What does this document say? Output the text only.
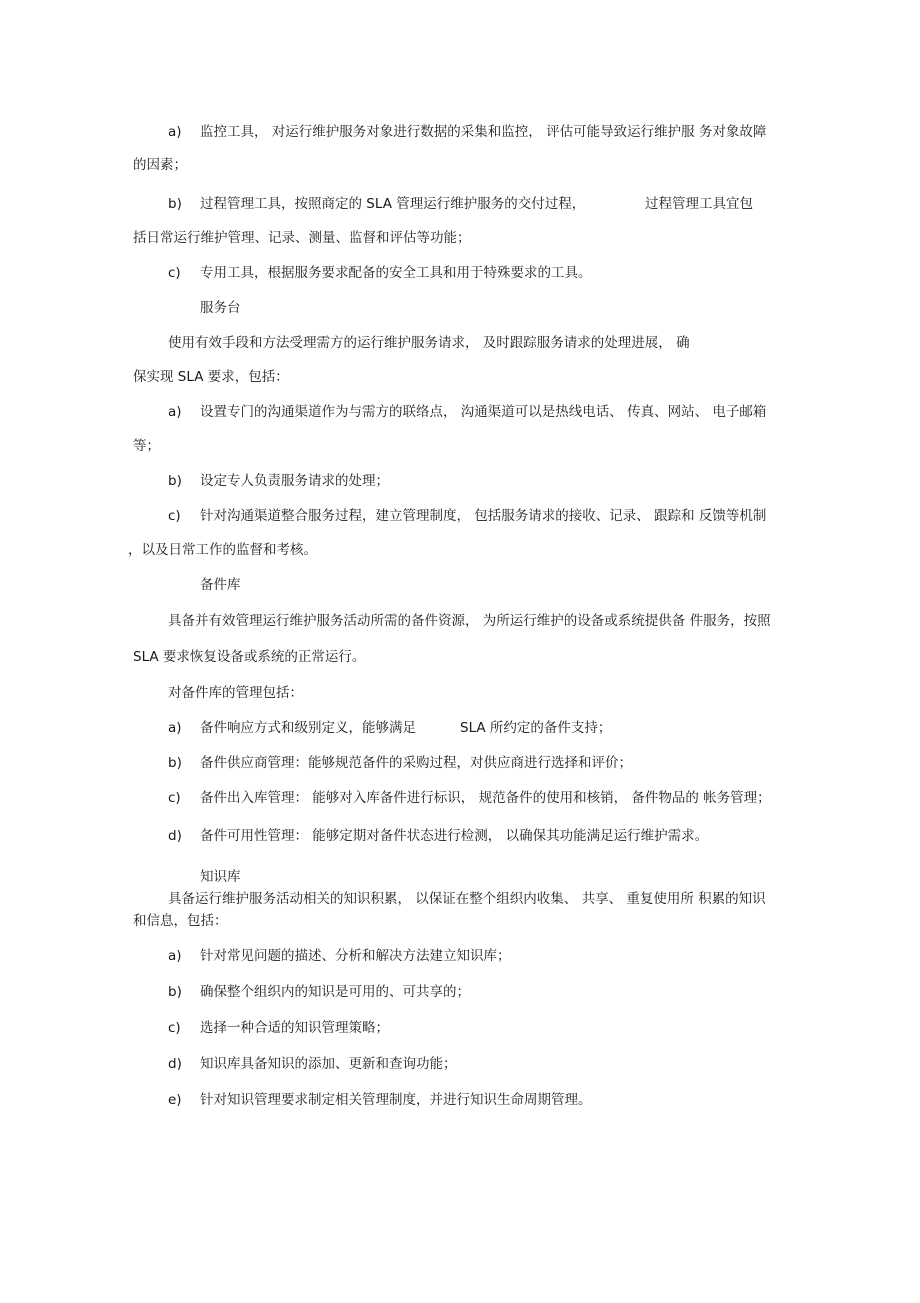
a) 监控工具， 对运行维护服务对象进行数据的采集和监控， 评估可能导致运行维护服 务对象故障
的因素；
b) 过程管理工具，按照商定的 SLA 管理运行维护服务的交付过程，	过程管理工具宜包
括日常运行维护管理、记录、测量、监督和评估等功能；
c) 专用工具，根据服务要求配备的安全工具和用于特殊要求的工具。
服务台
使用有效手段和方法受理需方的运行维护服务请求， 及时跟踪服务请求的处理进展， 确
保实现 SLA 要求，包括：
a) 设置专门的沟通渠道作为与需方的联络点， 沟通渠道可以是热线电话、 传真、网站、 电子邮箱
等；
b) 设定专人负责服务请求的处理；
c) 针对沟通渠道整合服务过程，建立管理制度， 包括服务请求的接收、记录、 跟踪和 反馈等机制
，以及日常工作的监督和考核。
备件库
具备并有效管理运行维护服务活动所需的备件资源， 为所运行维护的设备或系统提供备 件服务，按照
SLA 要求恢复设备或系统的正常运行。
对备件库的管理包括：
a) 备件响应方式和级别定义，能够满足	SLA 所约定的备件支持；
b) 备件供应商管理：能够规范备件的采购过程，对供应商进行选择和评价；
c) 备件出入库管理： 能够对入库备件进行标识， 规范备件的使用和核销， 备件物品的 帐务管理；
d) 备件可用性管理： 能够定期对备件状态进行检测， 以确保其功能满足运行维护需求。
知识库
具备运行维护服务活动相关的知识积累， 以保证在整个组织内收集、 共享、 重复使用所 积累的知识
和信息，包括：
a) 针对常见问题的描述、分析和解决方法建立知识库；
b) 确保整个组织内的知识是可用的、可共享的；
c) 选择一种合适的知识管理策略；
d) 知识库具备知识的添加、更新和查询功能；
e) 针对知识管理要求制定相关管理制度，并进行知识生命周期管理。
